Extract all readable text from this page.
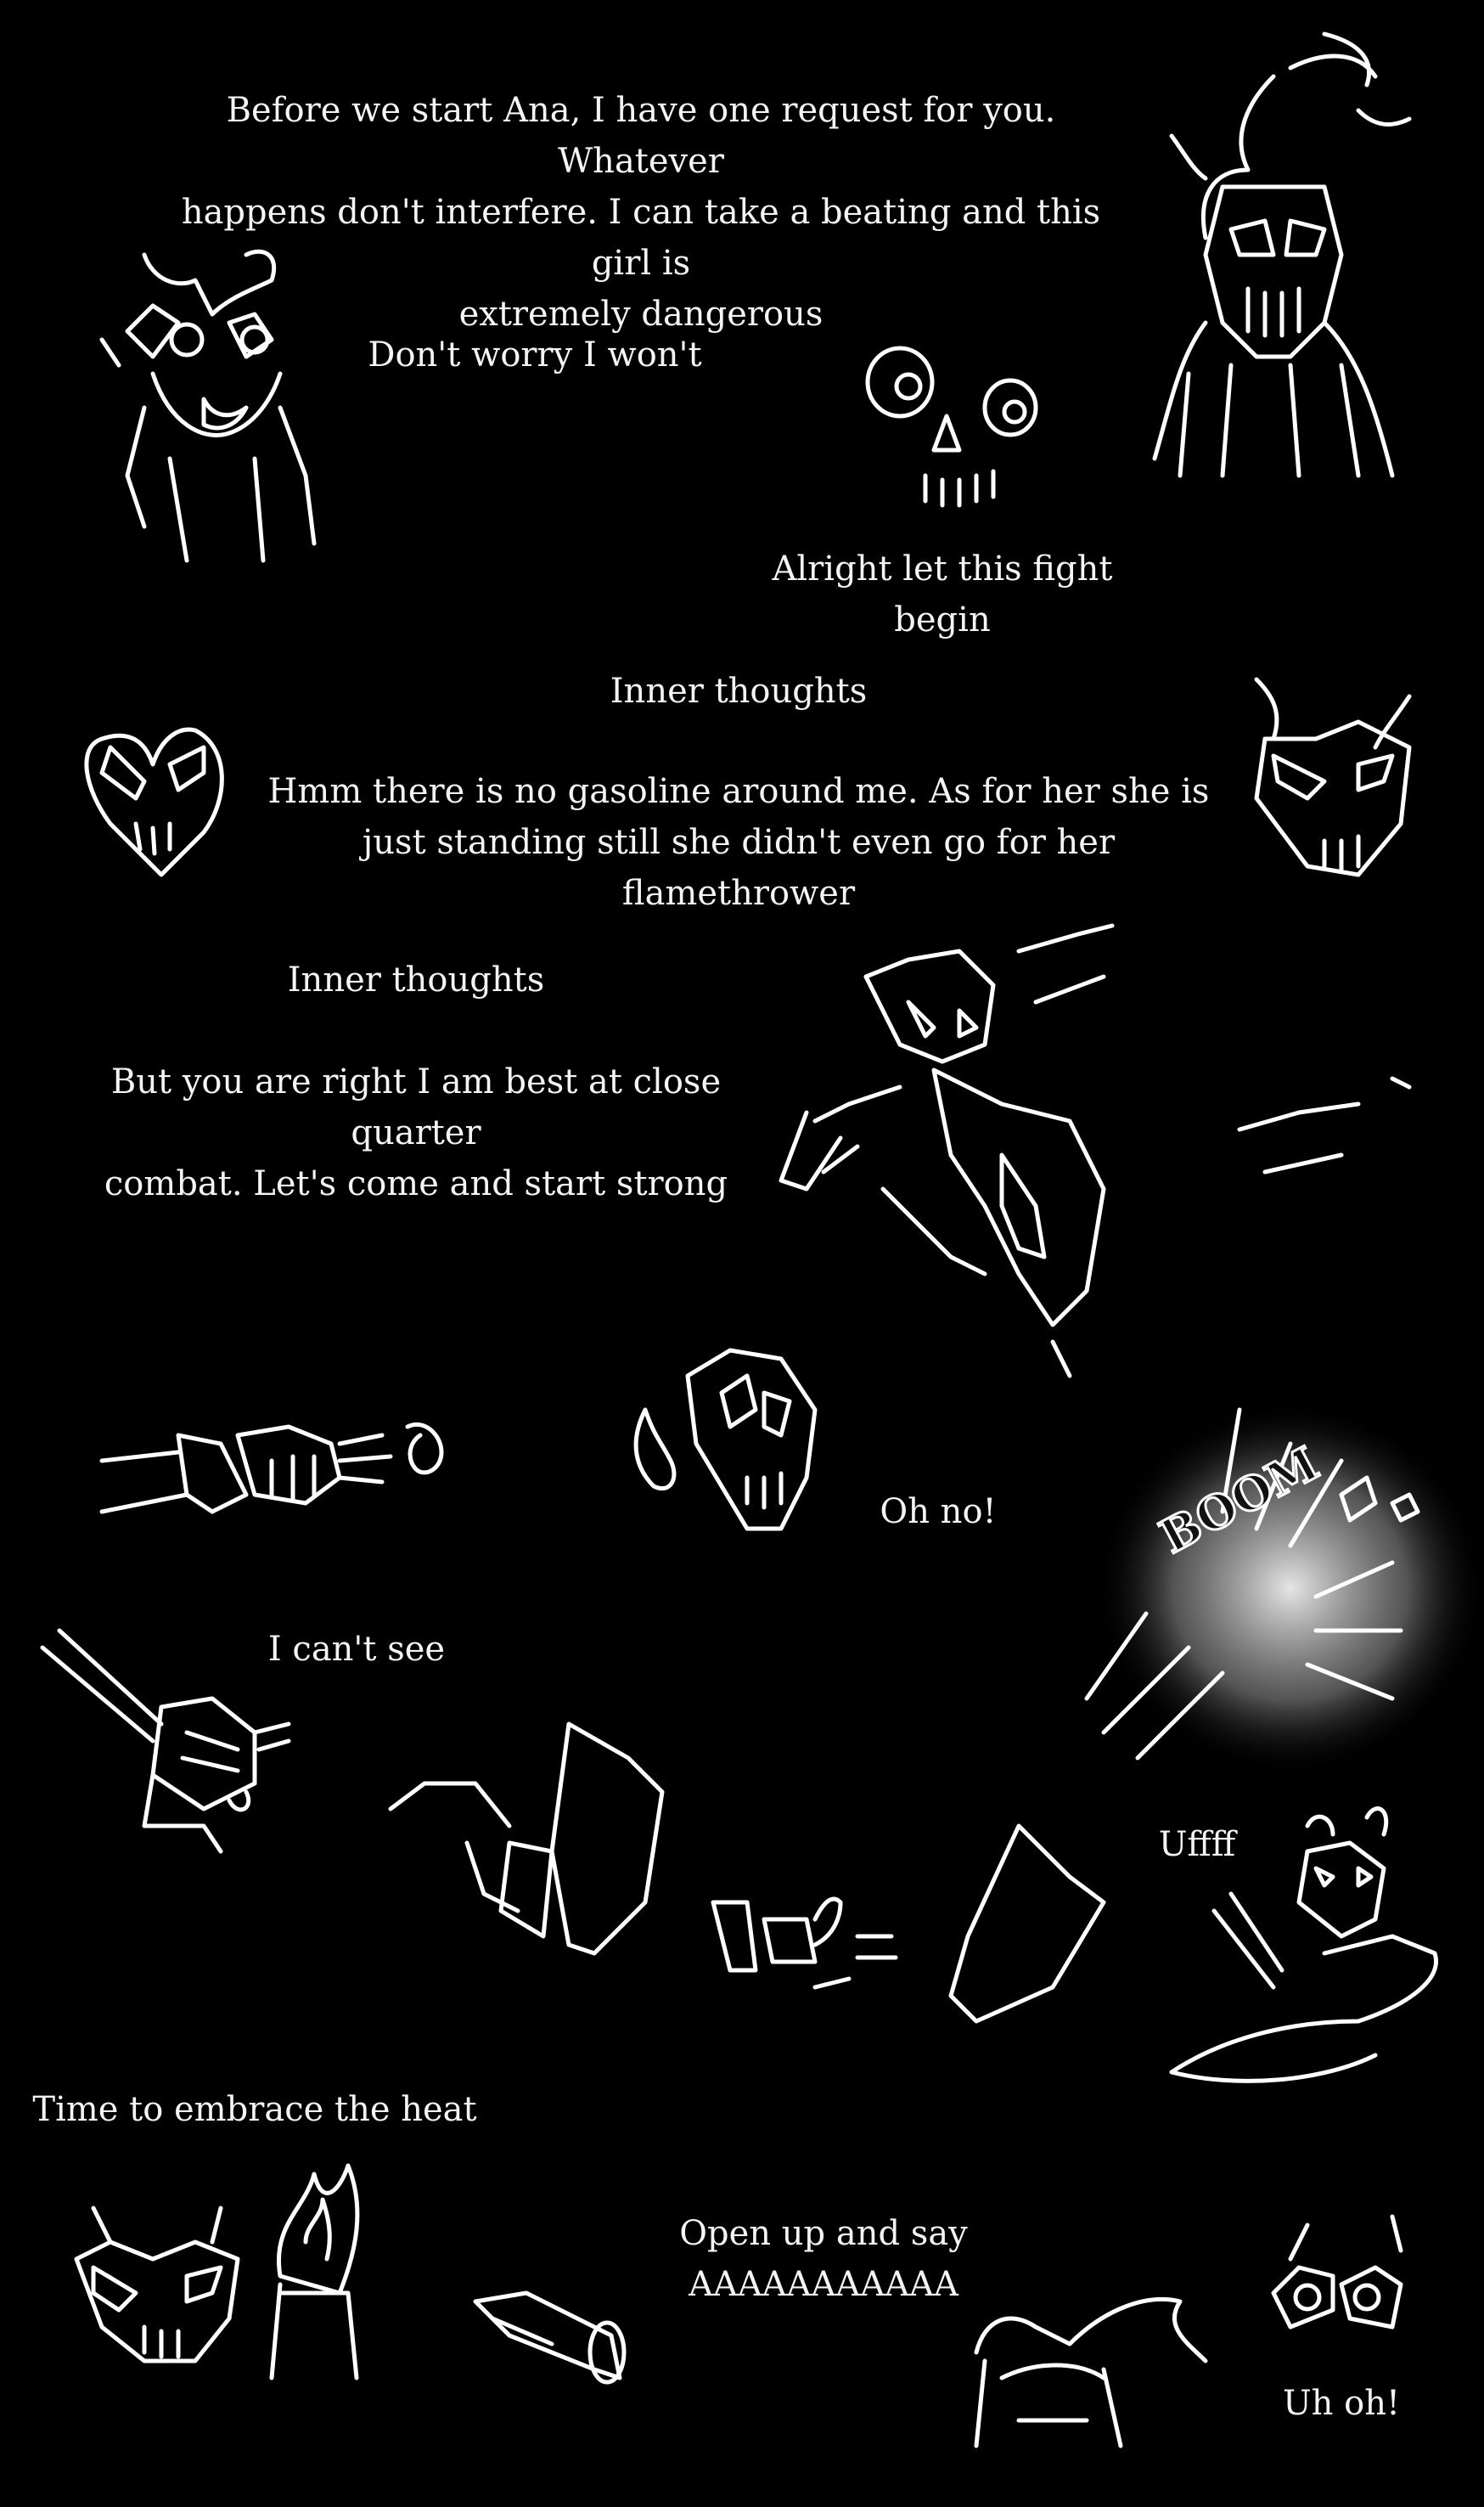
Before we start Ana, I have one request for you. Whatever
happens don't interfere. I can take a beating and this girl is
extremely dangerous
Don't worry I won't
Alright let this fight begin
Inner thoughts
Hmm there is no gasoline around me. As for her she is
just standing still she didn't even go for her flamethrower
Inner thoughts
But you are right I am best at close quarter
combat. Let's come and start strong
Oh no!
I can't see
Uffff
Time to embrace the heat
Open up and say
AAAAAAAAAAA
Uh oh!
BOOM
